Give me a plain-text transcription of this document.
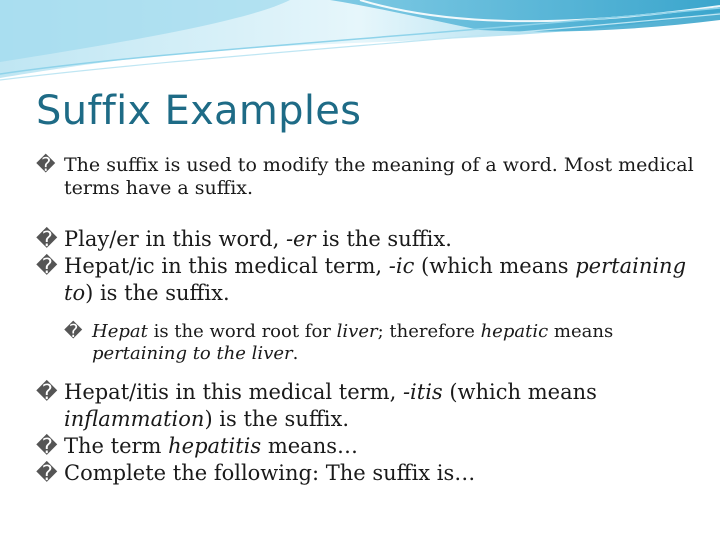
Suffix Examples
� The suffix is used to modify the meaning of a word. Most medical terms have a suffix.
� Play/er in this word, -er is the suffix.
� Hepat/ic in this medical term, -ic (which means pertaining to) is the suffix.
� Hepat is the word root for liver; therefore hepatic means pertaining to the liver.
� Hepat/itis in this medical term, -itis (which means inflammation) is the suffix.
� The term hepatitis means…
� Complete the following: The suffix is…
